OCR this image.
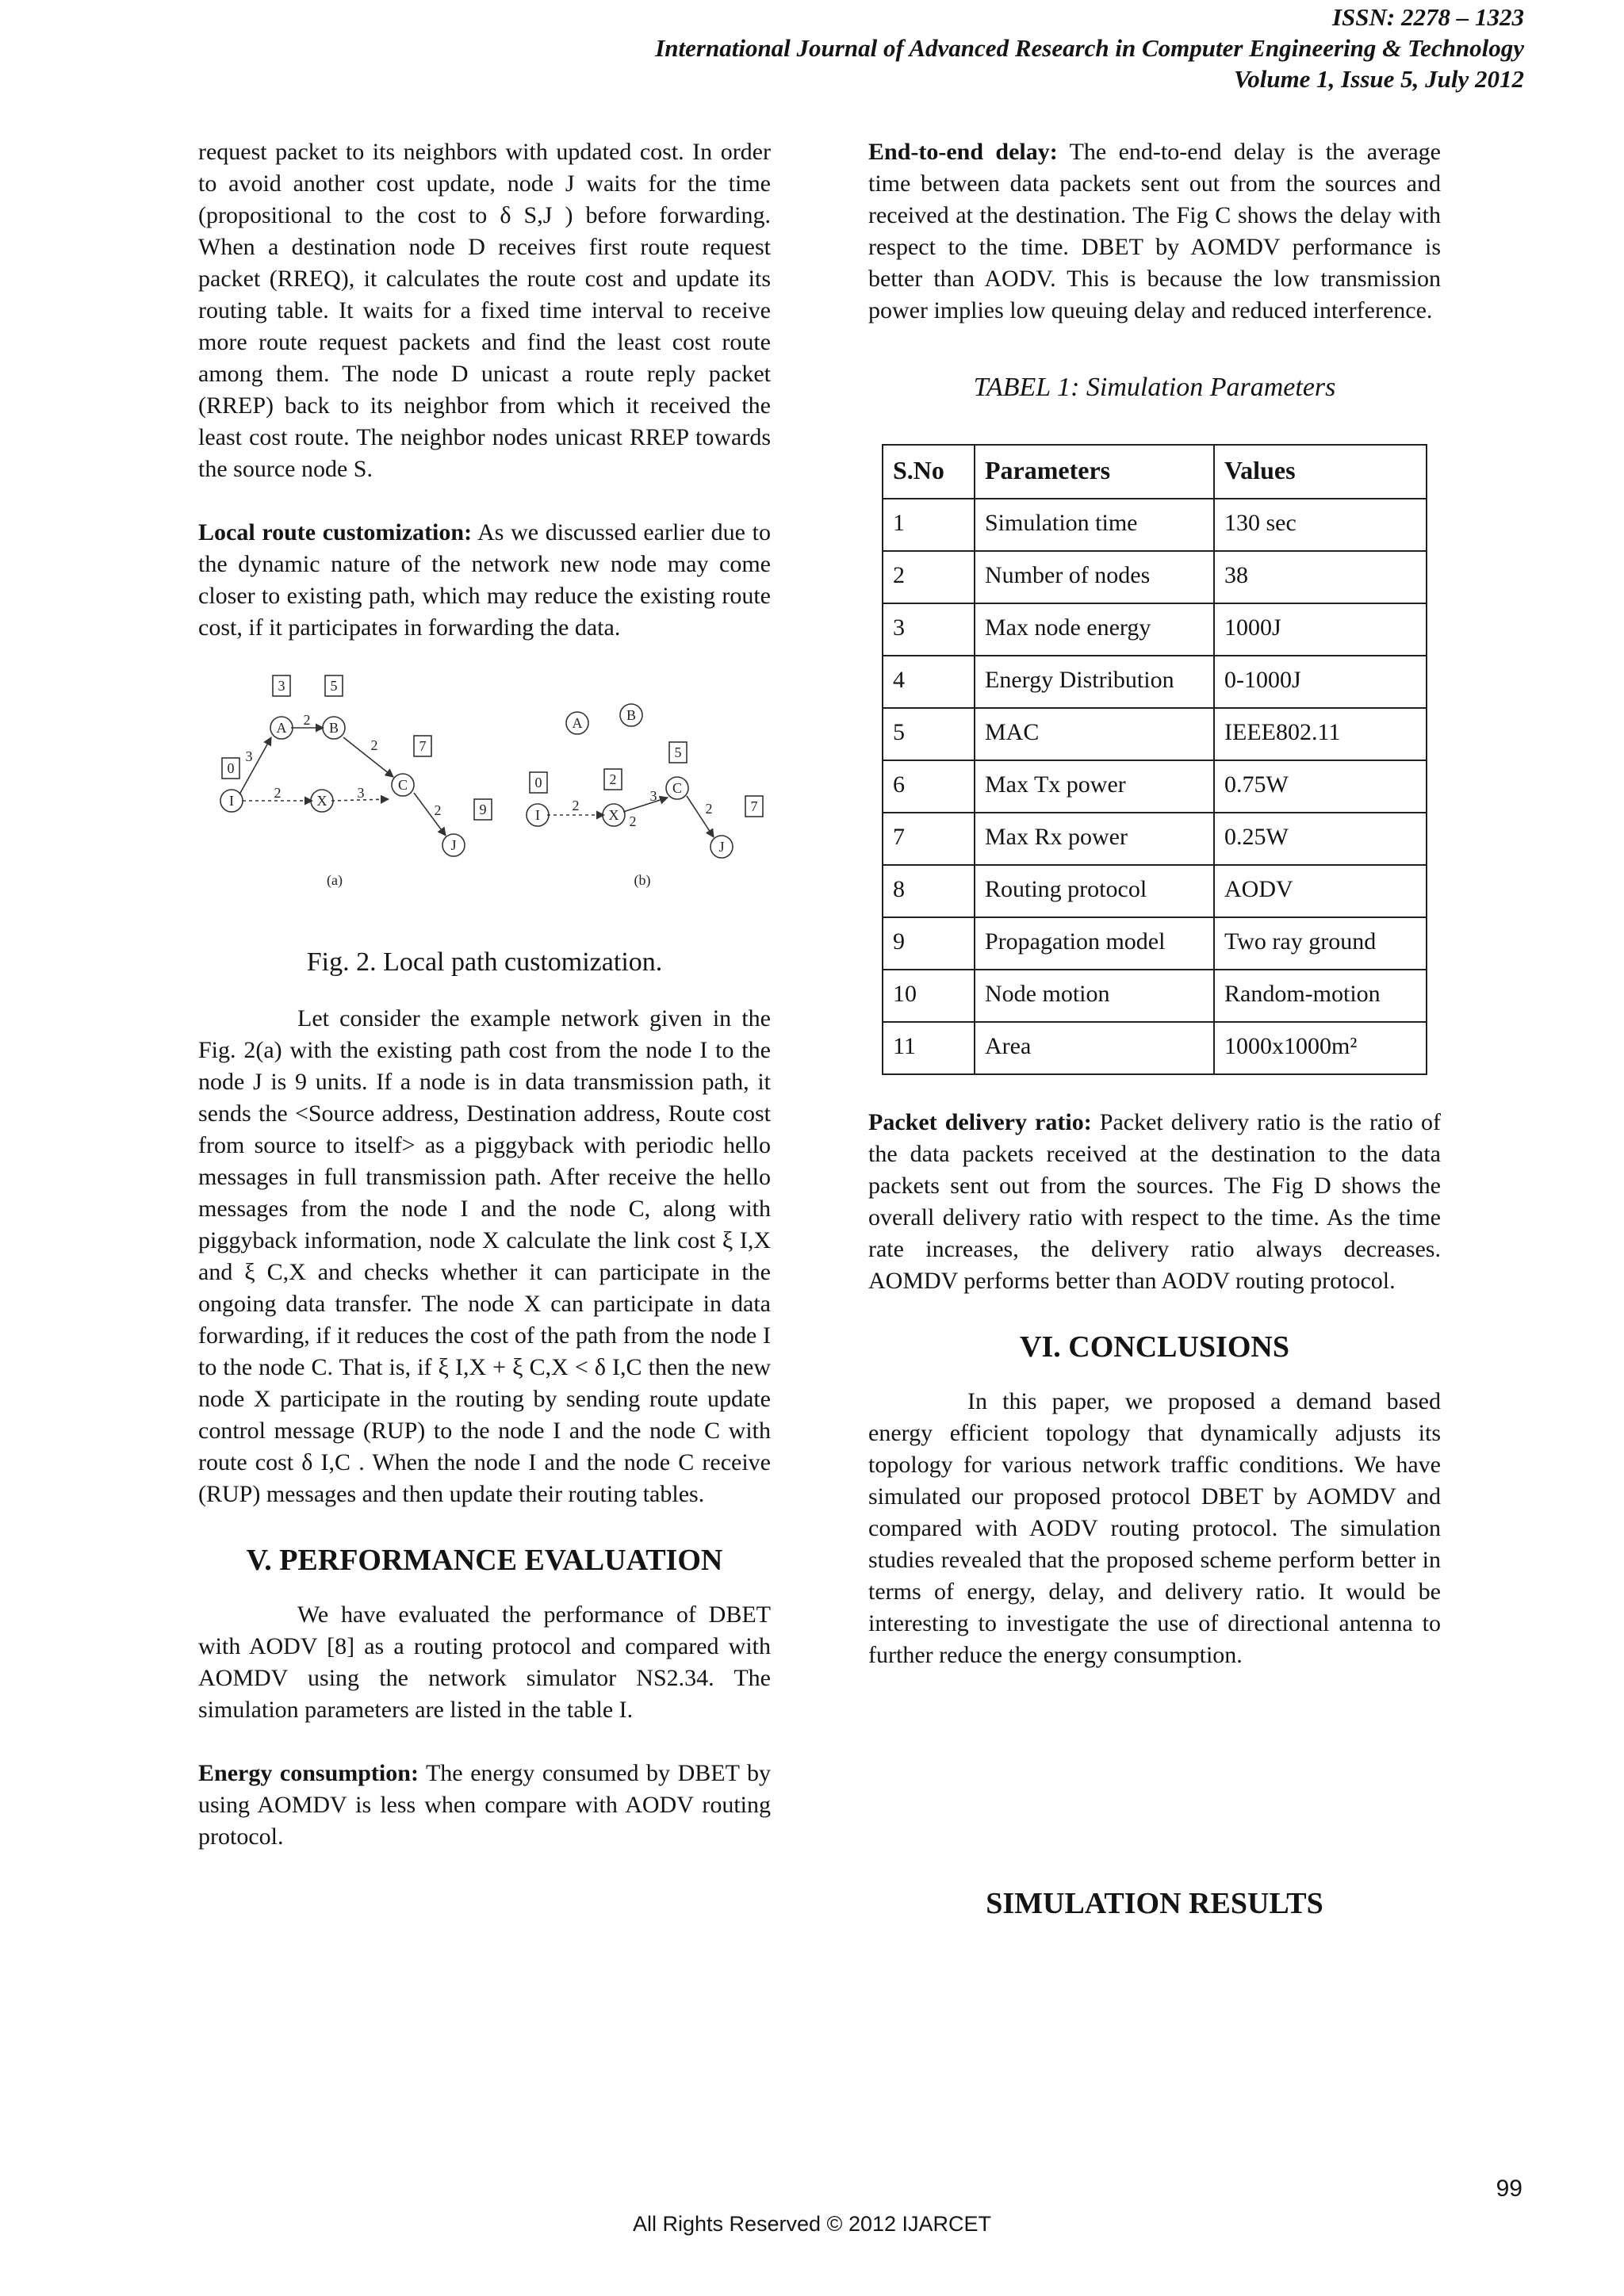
ISSN: 2278 – 1323
International Journal of Advanced Research in Computer Engineering & Technology
Volume 1, Issue 5, July 2012

request packet to its neighbors with updated cost. In order to avoid another cost update, node J waits for the time (propositional to the cost to δ S,J ) before forwarding. When a destination node D receives first route request packet (RREQ), it calculates the route cost and update its routing table. It waits for a fixed time interval to receive more route request packets and find the least cost route among them. The node D unicast a route reply packet (RREP) back to its neighbor from which it received the least cost route. The neighbor nodes unicast RREP towards the source node S.

Local route customization: As we discussed earlier due to the dynamic nature of the network new node may come closer to existing path, which may reduce the existing route cost, if it participates in forwarding the data.

I
A	B
X
C
J
0
3	5
7
9
3
2
2
2	3
2
(a)
A	B
I	X
C
J
0	2
5
7
2
2
3
2
(b)
Fig. 2. Local path customization.

Let consider the example network given in the Fig. 2(a) with the existing path cost from the node I to the node J is 9 units. If a node is in data transmission path, it sends the <Source address, Destination address, Route cost from source to itself> as a piggyback with periodic hello messages in full transmission path. After receive the hello messages from the node I and the node C, along with piggyback information, node X calculate the link cost ξ I,X and ξ C,X and checks whether it can participate in the ongoing data transfer. The node X can participate in data forwarding, if it reduces the cost of the path from the node I to the node C. That is, if ξ I,X + ξ C,X < δ I,C then the new node X participate in the routing by sending route update control message (RUP) to the node I and the node C with route cost δ I,C . When the node I and the node C receive (RUP) messages and then update their routing tables.

V. PERFORMANCE EVALUATION

We have evaluated the performance of DBET with AODV [8] as a routing protocol and compared with AOMDV using the network simulator NS2.34. The simulation parameters are listed in the table I.

Energy consumption: The energy consumed by DBET by using AOMDV is less when compare with AODV routing protocol.

End-to-end delay: The end-to-end delay is the average time between data packets sent out from the sources and received at the destination. The Fig C shows the delay with respect to the time. DBET by AOMDV performance is better than AODV. This is because the low transmission power implies low queuing delay and reduced interference.

TABEL 1: Simulation Parameters
S.No	Parameters	Values
1	Simulation time	130 sec
2	Number of nodes	38
3	Max node energy	1000J
4	Energy Distribution	0-1000J
5	MAC	IEEE802.11
6	Max Tx power	0.75W
7	Max Rx power	0.25W
8	Routing protocol	AODV
9	Propagation model	Two ray ground
10	Node motion	Random-motion
11	Area	1000x1000m²

Packet delivery ratio: Packet delivery ratio is the ratio of the data packets received at the destination to the data packets sent out from the sources. The Fig D shows the overall delivery ratio with respect to the time. As the time rate increases, the delivery ratio always decreases. AOMDV performs better than AODV routing protocol.

VI. CONCLUSIONS

In this paper, we proposed a demand based energy efficient topology that dynamically adjusts its topology for various network traffic conditions. We have simulated our proposed protocol DBET by AOMDV and compared with AODV routing protocol. The simulation studies revealed that the proposed scheme perform better in terms of energy, delay, and delivery ratio. It would be interesting to investigate the use of directional antenna to further reduce the energy consumption.

SIMULATION RESULTS
99
All Rights Reserved © 2012 IJARCET
